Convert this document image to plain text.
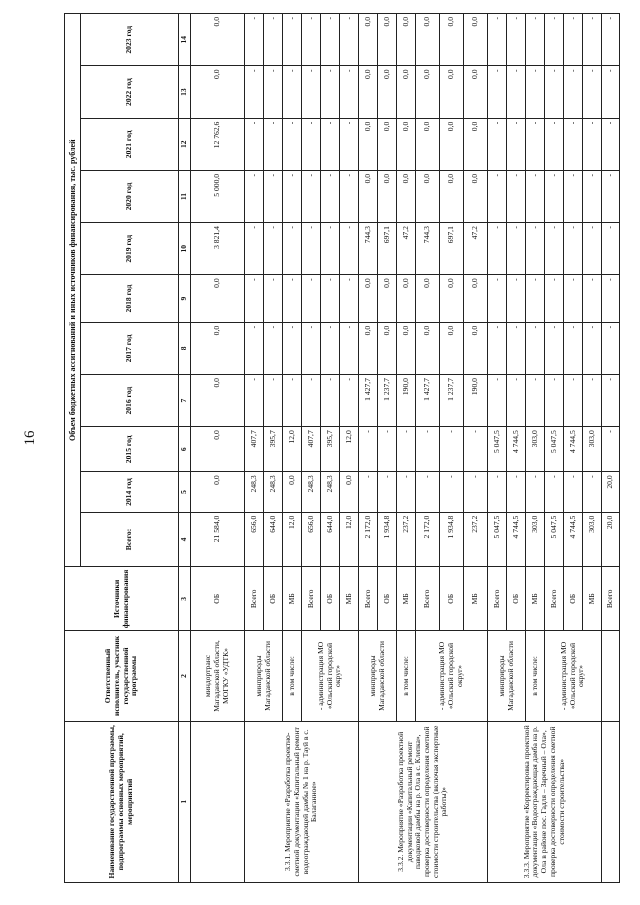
16
Наименование государственной программы, подпрограммы основных мероприятий, мероприятий	Ответственный исполнитель, участник государственной программы	Источники финансирования	Объем бюджетных ассигнований и иных источников финансирования, тыс. рублей										
			Всего:	2014 год	2015 год	2016 год	2017 год	2018 год	2019 год	2020 год	2021 год	2022 год	2023 год
1	2	3	4	5	6	7	8	9	10	11	12	13	14
	миндортранс Магаданской области, МОГКУ «УДТК»	ОБ	21 584,0	0,0	0,0	0,0	0,0	0,0	3 821,4	5 000,0	12 762,6	0,0	0,0
3.3.1. Мероприятие «Разработка проектно-сметной документации «Капитальный ремонт водоограждающей дамбы № 1 на р. Тауй в с. Балаганное»	минприроды Магаданской области	Всего	656,0	248,3	407,7	-	-	-	-	-	-	-	-
		ОБ	644,0	248,3	395,7	-	-	-	-	-	-	-	-
	в том числе:	МБ	12,0	0,0	12,0	-	-	-	-	-	-	-	-
	- администрация МО «Ольский городской округ»	Всего	656,0	248,3	407,7	-	-	-	-	-	-	-	-
		ОБ	644,0	248,3	395,7	-	-	-	-	-	-	-	-
		МБ	12,0	0,0	12,0	-	-	-	-	-	-	-	-
3.3.2. Мероприятие «Разработка проектной документации «Капитальный ремонт паводковой дамбы на р. Ола в с. Клепка», проверка достоверности определения сметной стоимости строительства (включая экспертные работы)»	минприроды Магаданской области	Всего	2 172,0	-	-	1 427,7	0,0	0,0	744,3	0,0	0,0	0,0	0,0
		ОБ	1 934,8	-	-	1 237,7	0,0	0,0	697,1	0,0	0,0	0,0	0,0
	в том числе:	МБ	237,2	-	-	190,0	0,0	0,0	47,2	0,0	0,0	0,0	0,0
	- администрация МО «Ольский городской округ»	Всего	2 172,0	-	-	1 427,7	0,0	0,0	744,3	0,0	0,0	0,0	0,0
		ОБ	1 934,8	-	-	1 237,7	0,0	0,0	697,1	0,0	0,0	0,0	0,0
		МБ	237,2	-	-	190,0	0,0	0,0	47,2	0,0	0,0	0,0	0,0
3.3.3. Мероприятие «Корректировка проектной документации «Водоограждающая дамба на р. Ола в районе пос. Гадля – Заречный – Ола», проверка достоверности определения сметной стоимости строительства»	минприроды Магаданской области	Всего	5 047,5	-	5 047,5	-	-	-	-	-	-	-	-
		ОБ	4 744,5	-	4 744,5	-	-	-	-	-	-	-	-
	в том числе:	МБ	303,0	-	303,0	-	-	-	-	-	-	-	-
	- администрация МО «Ольский городской округ»	Всего	5 047,5	-	5 047,5	-	-	-	-	-	-	-	-
		ОБ	4 744,5	-	4 744,5	-	-	-	-	-	-	-	-
		МБ	303,0	-	303,0	-	-	-	-	-	-	-	-
		Всего	20,0	20,0	-	-	-	-	-	-	-	-	-
